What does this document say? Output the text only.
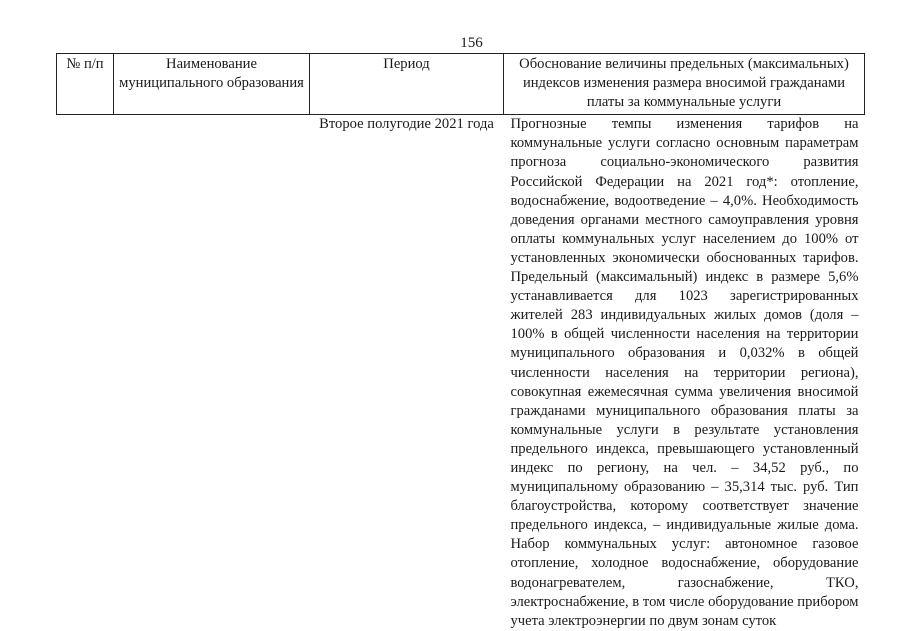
156
№ п/п	Наименование муниципального образования	Период	Обоснование величины предельных (максимальных) индексов изменения размера вносимой гражданами платы за коммунальные услуги
		Второе полугодие 2021 года	Прогнозные темпы изменения тарифов на коммунальные услуги согласно основным параметрам прогноза социально-экономического развития Российской Федерации на 2021 год*: отопление, водоснабжение, водоотведение – 4,0%. Необходимость доведения органами местного самоуправления уровня оплаты коммунальных услуг населением до 100% от установленных экономически обоснованных тарифов. Предельный (максимальный) индекс в размере 5,6% устанавливается для 1023 зарегистрированных жителей 283 индивидуальных жилых домов (доля – 100% в общей численности населения на территории муниципального образования и 0,032% в общей численности населения на территории региона), совокупная ежемесячная сумма увеличения вносимой гражданами муниципального образования платы за коммунальные услуги в результате установления предельного индекса, превышающего установленный индекс по региону, на чел. – 34,52 руб., по муниципальному образованию – 35,314 тыс. руб. Тип благоустройства, которому соответствует значение предельного индекса, – индивидуальные жилые дома. Набор коммунальных услуг: автономное газовое отопление, холодное водоснабжение, оборудование водонагревателем, газоснабжение, ТКО, электроснабжение, в том числе оборудование прибором учета электроэнергии по двум зонам суток
